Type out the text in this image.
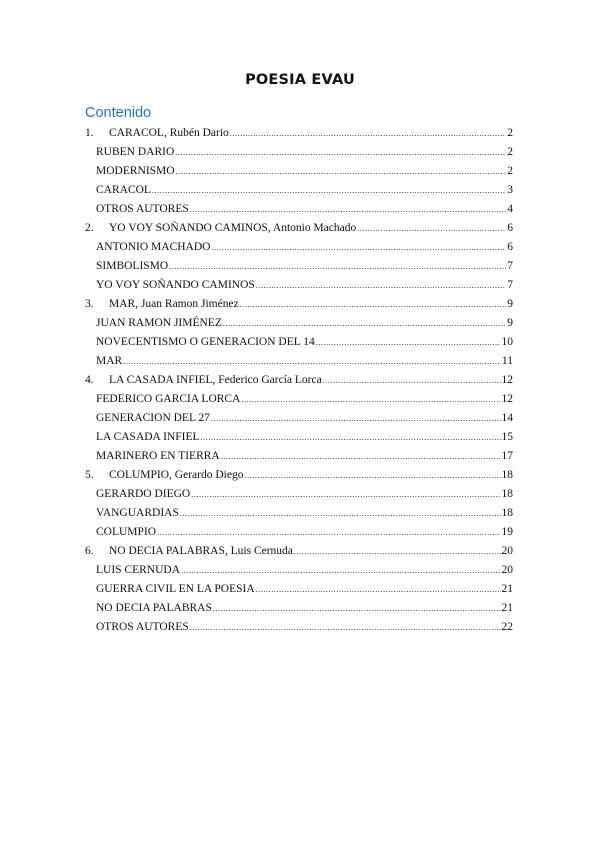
POESIA EVAU
Contenido
1.	CARACOL, Rubén Dario .....	2
RUBEN DARIO .....	2
MODERNISMO .....	2
CARACOL .....	3
OTROS AUTORES .....	4
2.	YO VOY SOÑANDO CAMINOS, Antonio Machado .....	6
ANTONIO MACHADO .....	6
SIMBOLISMO .....	7
YO VOY SOÑANDO CAMINOS .....	7
3.	MAR, Juan Ramon Jiménez .....	9
JUAN RAMON JIMÉNEZ .....	9
NOVECENTISMO O GENERACION DEL 14 .....	10
MAR .....	11
4.	LA CASADA INFIEL, Federico García Lorca .....	12
FEDERICO GARCIA LORCA .....	12
GENERACION DEL 27 .....	14
LA CASADA INFIEL .....	15
MARINERO EN TIERRA .....	17
5.	COLUMPIO, Gerardo Diego .....	18
GERARDO DIEGO .....	18
VANGUARDIAS .....	18
COLUMPIO .....	19
6.	NO DECIA PALABRAS, Luis Cernuda .....	20
LUIS CERNUDA .....	20
GUERRA CIVIL EN LA POESIA .....	21
NO DECIA PALABRAS .....	21
OTROS AUTORES .....	22
